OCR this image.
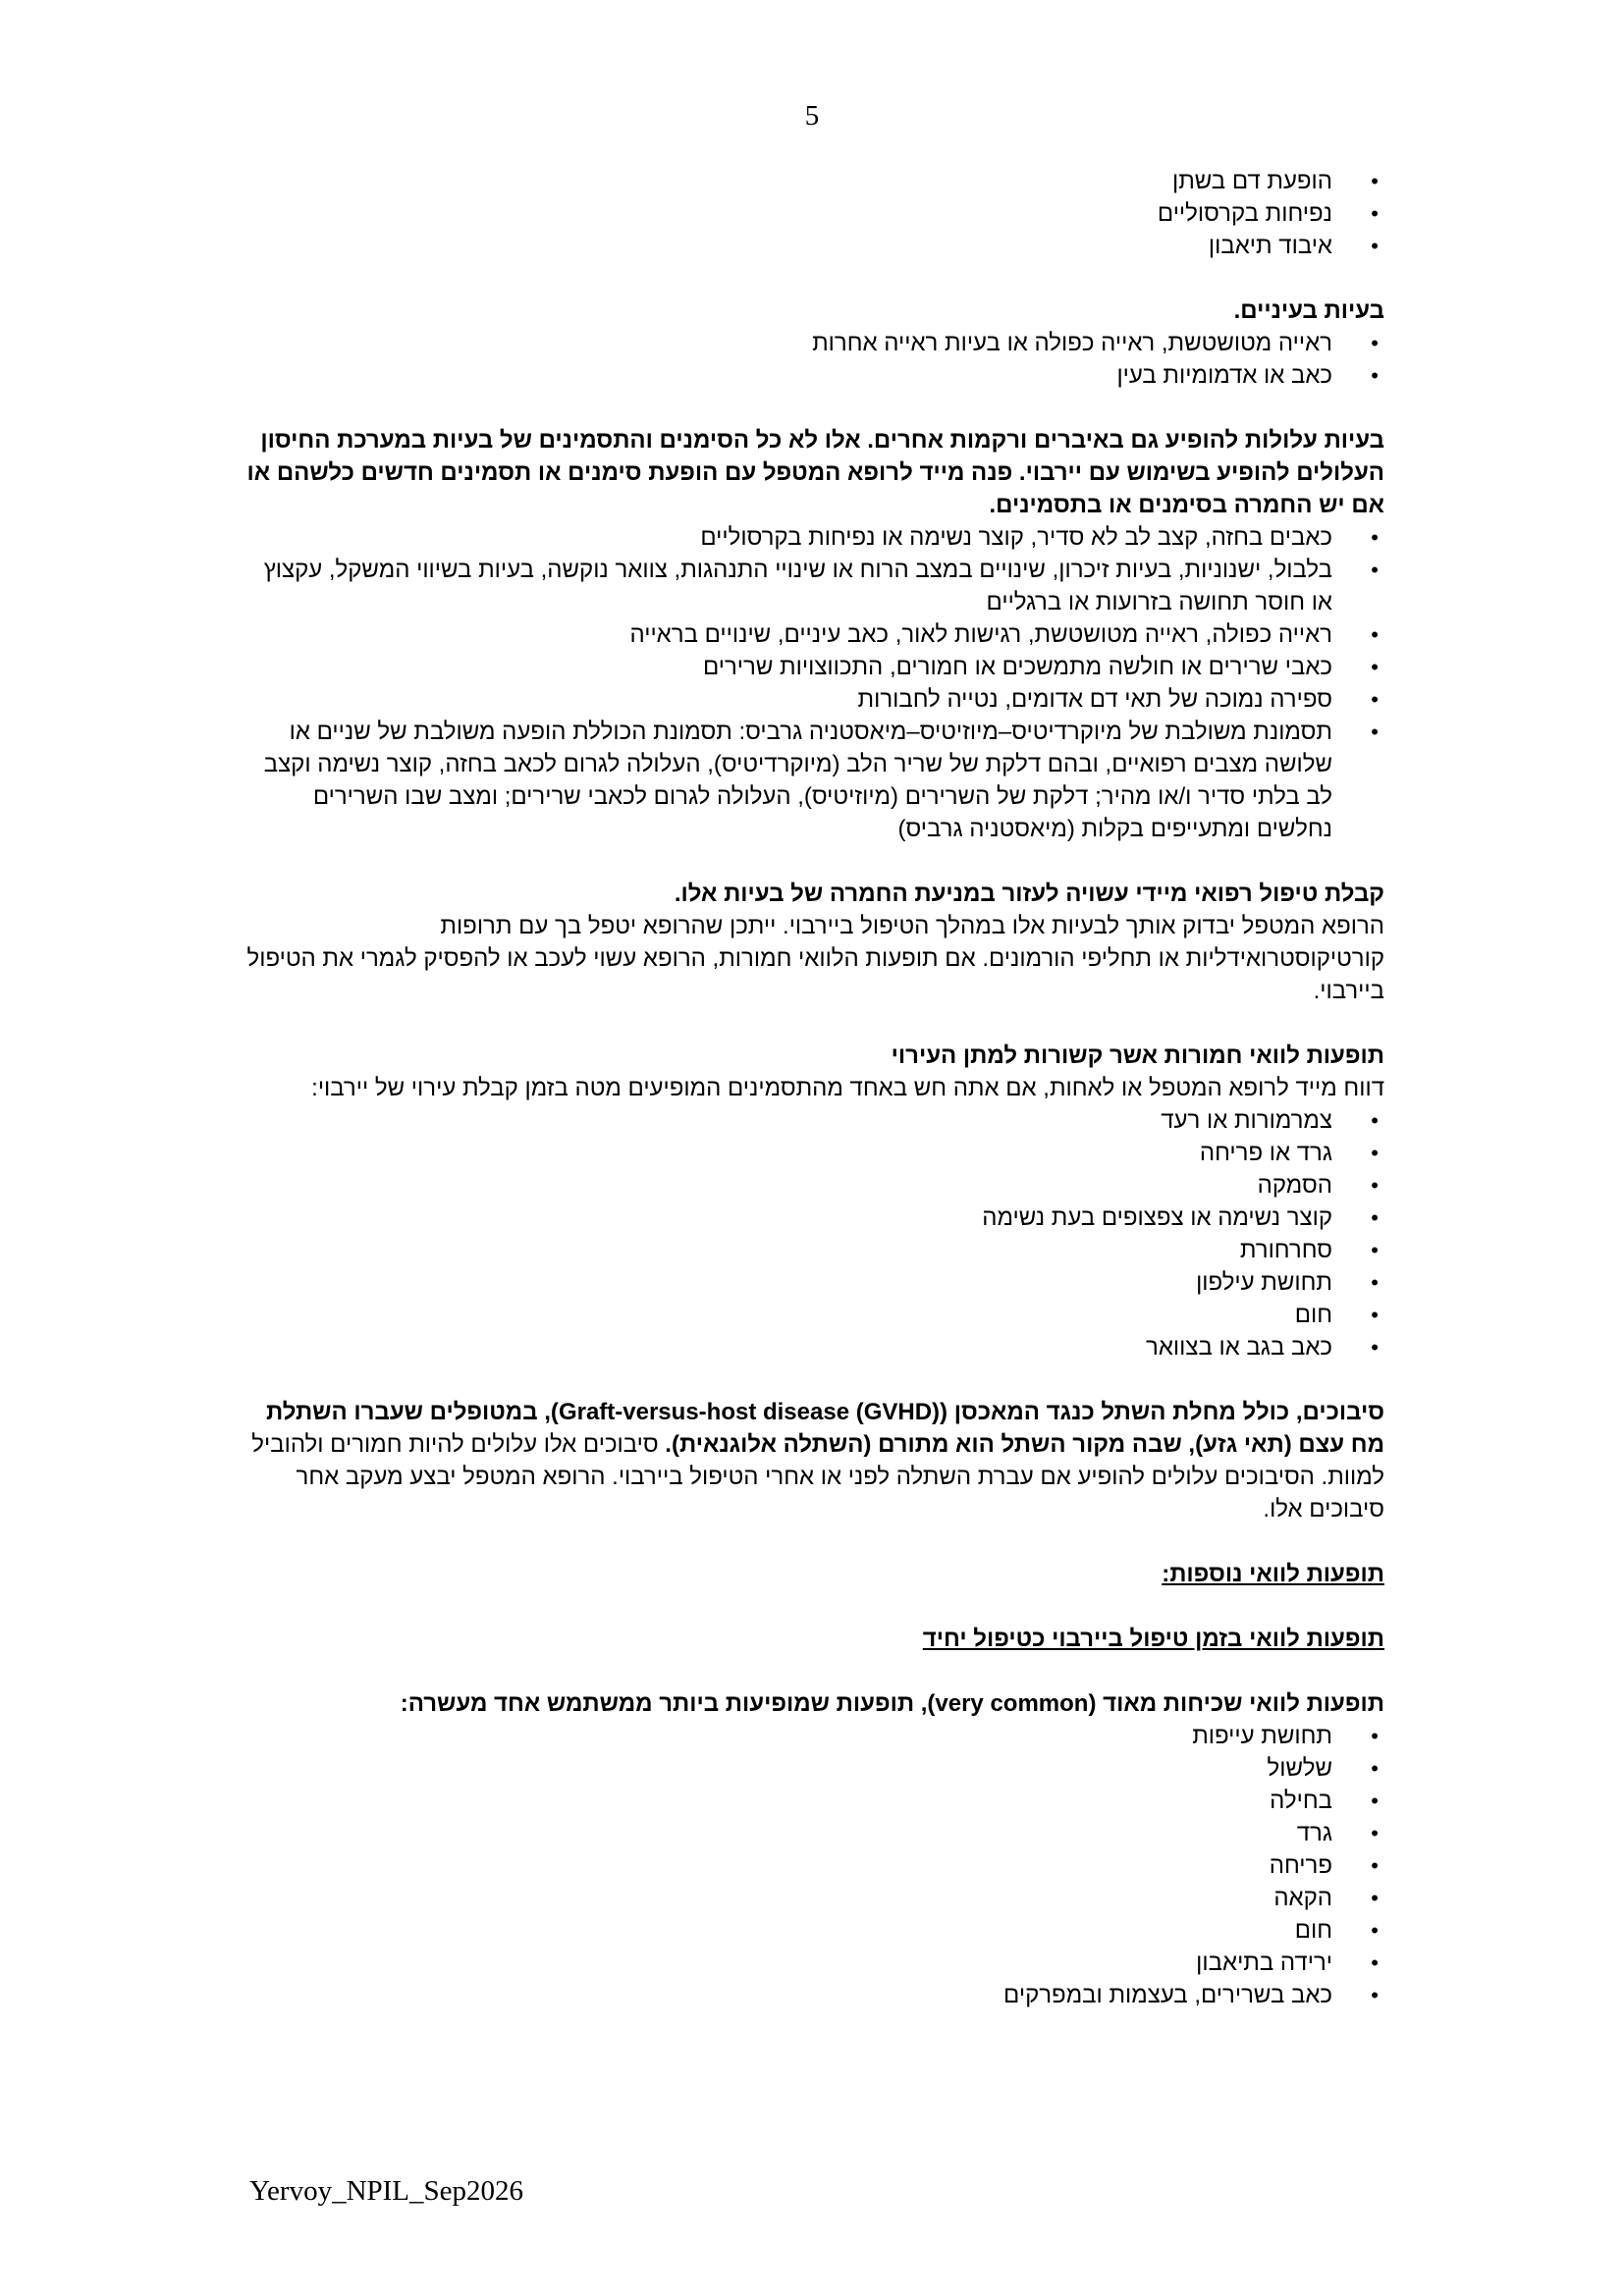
5
• הופעת דם בשתן
• נפיחות בקרסוליים
• איבוד תיאבון

בעיות בעיניים.

• ראייה מטושטשת, ראייה כפולה או בעיות ראייה אחרות
• כאב או אדמומיות בעין

בעיות עלולות להופיע גם באיברים ורקמות אחרים. אלו לא כל הסימנים והתסמינים של בעיות במערכת החיסון העלולים להופיע בשימוש עם יירבוי. פנה מייד לרופא המטפל עם הופעת סימנים או תסמינים חדשים כלשהם או אם יש החמרה בסימנים או בתסמינים.

• כאבים בחזה, קצב לב לא סדיר, קוצר נשימה או נפיחות בקרסוליים
• בלבול, ישנוניות, בעיות זיכרון, שינויים במצב הרוח או שינויי התנהגות, צוואר נוקשה, בעיות בשיווי המשקל, עקצוץ או חוסר תחושה בזרועות או ברגליים
• ראייה כפולה, ראייה מטושטשת, רגישות לאור, כאב עיניים, שינויים בראייה
• כאבי שרירים או חולשה מתמשכים או חמורים, התכווצויות שרירים
• ספירה נמוכה של תאי דם אדומים, נטייה לחבורות
• תסמונת משולבת של מיוקרדיטיס–מיוזיטיס–מיאסטניה גרביס: תסמונת הכוללת הופעה משולבת של שניים או שלושה מצבים רפואיים, ובהם דלקת של שריר הלב (מיוקרדיטיס), העלולה לגרום לכאב בחזה, קוצר נשימה וקצב לב בלתי סדיר ו/או מהיר; דלקת של השרירים (מיוזיטיס), העלולה לגרום לכאבי שרירים; ומצב שבו השרירים נחלשים ומתעייפים בקלות (מיאסטניה גרביס)

קבלת טיפול רפואי מיידי עשויה לעזור במניעת החמרה של בעיות אלו.

הרופא המטפל יבדוק אותך לבעיות אלו במהלך הטיפול ביירבוי. ייתכן שהרופא יטפל בך עם תרופות קורטיקוסטרואידליות או תחליפי הורמונים. אם תופעות הלוואי חמורות, הרופא עשוי לעכב או להפסיק לגמרי את הטיפול ביירבוי.

תופעות לוואי חמורות אשר קשורות למתן העירוי

דווח מייד לרופא המטפל או לאחות, אם אתה חש באחד מהתסמינים המופיעים מטה בזמן קבלת עירוי של יירבוי:

• צמרמורות או רעד
• גרד או פריחה
• הסמקה
• קוצר נשימה או צפצופים בעת נשימה
• סחרחורת
• תחושת עילפון
• חום
• כאב בגב או בצוואר

סיבוכים, כולל מחלת השתל כנגד המאכסן (Graft-versus-host disease (GVHD)), במטופלים שעברו השתלת מח עצם (תאי גזע), שבה מקור השתל הוא מתורם (השתלה אלוגנאית). סיבוכים אלו עלולים להיות חמורים ולהוביל למוות. הסיבוכים עלולים להופיע אם עברת השתלה לפני או אחרי הטיפול ביירבוי. הרופא המטפל יבצע מעקב אחר סיבוכים אלו.

תופעות לוואי נוספות:

תופעות לוואי בזמן טיפול ביירבוי כטיפול יחיד

תופעות לוואי שכיחות מאוד (very common), תופעות שמופיעות ביותר ממשתמש אחד מעשרה:

• תחושת עייפות
• שלשול
• בחילה
• גרד
• פריחה
• הקאה
• חום
• ירידה בתיאבון
• כאב בשרירים, בעצמות ובמפרקים
Yervoy_NPIL_Sep2026
